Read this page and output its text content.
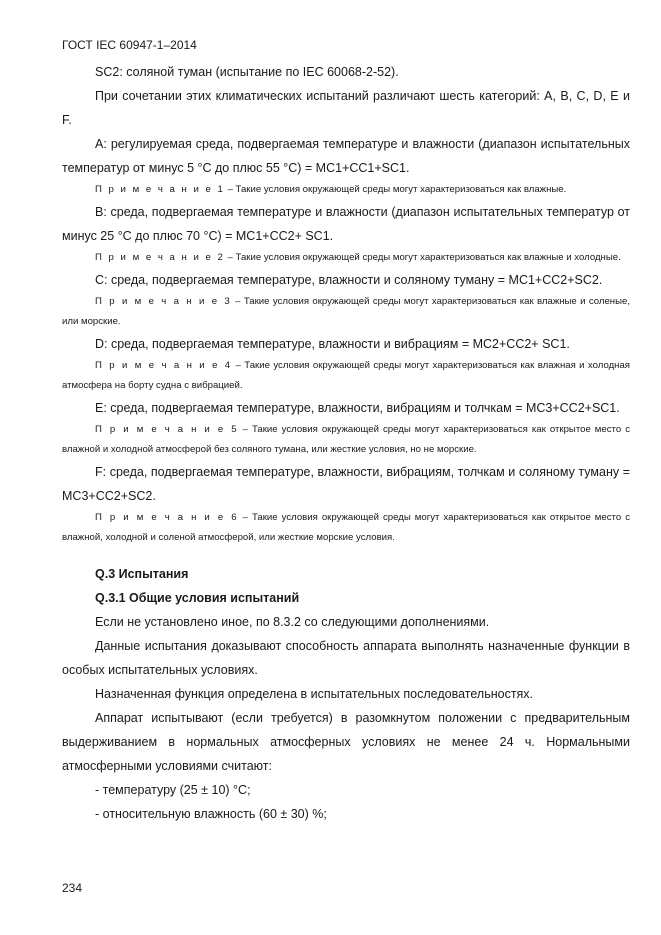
ГОСТ IEC 60947-1–2014

SC2: соляной туман (испытание по IEC 60068-2-52).

При сочетании этих климатических испытаний различают шесть категорий: A, B, C, D, E и F.

A: регулируемая среда, подвергаемая температуре и влажности (диапазон испытательных температур от минус 5 °C до плюс 55 °C) = MC1+CC1+SC1.

П р и м е ч а н и е 1 – Такие условия окружающей среды могут характеризоваться как влажные.

B: среда, подвергаемая температуре и влажности (диапазон испытательных температур от минус 25 °C до плюс 70 °C) = MC1+CC2+ SC1.

П р и м е ч а н и е 2 – Такие условия окружающей среды могут характеризоваться как влажные и холодные.

C: среда, подвергаемая температуре, влажности и соляному туману = MC1+CC2+SC2.

П р и м е ч а н и е 3 – Такие условия окружающей среды могут характеризоваться как влажные и соленые, или морские.

D: среда, подвергаемая температуре, влажности и вибрациям = MC2+CC2+ SC1.

П р и м е ч а н и е 4 – Такие условия окружающей среды могут характеризоваться как влажная и холодная атмосфера на борту судна с вибрацией.

E: среда, подвергаемая температуре, влажности, вибрациям и толчкам = MC3+CC2+SC1.

П р и м е ч а н и е 5 – Такие условия окружающей среды могут характеризоваться как открытое место с влажной и холодной атмосферой без соляного тумана, или жесткие условия, но не морские.

F: среда, подвергаемая температуре, влажности, вибрациям, толчкам и соляному туману = MC3+CC2+SC2.

П р и м е ч а н и е 6 – Такие условия окружающей среды могут характеризоваться как открытое место с влажной, холодной и соленой атмосферой, или жесткие морские условия.

Q.3 Испытания

Q.3.1 Общие условия испытаний

Если не установлено иное, по 8.3.2 со следующими дополнениями.

Данные испытания доказывают способность аппарата выполнять назначенные функции в особых испытательных условиях.

Назначенная функция определена в испытательных последовательностях.

Аппарат испытывают (если требуется) в разомкнутом положении с предварительным выдерживанием в нормальных атмосферных условиях не менее 24 ч. Нормальными атмосферными условиями считают:

- температуру (25 ± 10) °C;

- относительную влажность (60 ± 30) %;

234
